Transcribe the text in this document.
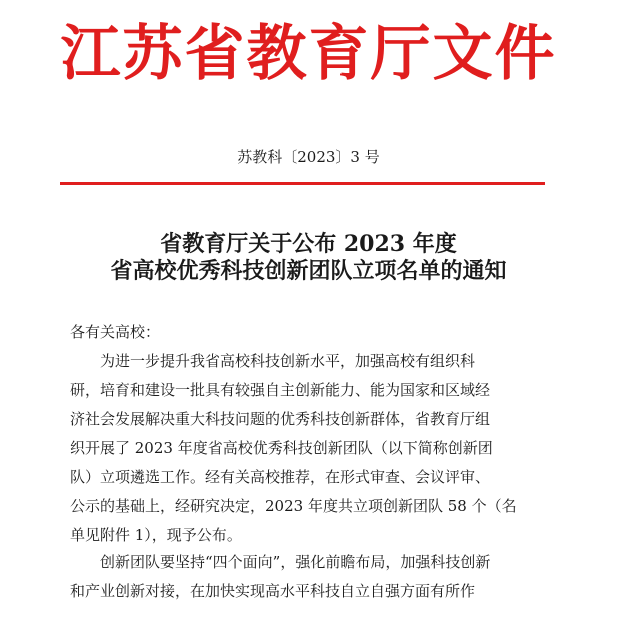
江苏省教育厅文件
苏教科〔2023〕3 号
省教育厅关于公布 2023 年度
省高校优秀科技创新团队立项名单的通知
各有关高校：
为进一步提升我省高校科技创新水平，加强高校有组织科
研，培育和建设一批具有较强自主创新能力、能为国家和区域经
济社会发展解决重大科技问题的优秀科技创新群体，省教育厅组
织开展了 2023 年度省高校优秀科技创新团队（以下简称创新团
队）立项遴选工作。经有关高校推荐，在形式审查、会议评审、
公示的基础上，经研究决定，2023 年度共立项创新团队 58 个（名
单见附件 1），现予公布。
创新团队要坚持“四个面向”，强化前瞻布局，加强科技创新
和产业创新对接，在加快实现高水平科技自立自强方面有所作
